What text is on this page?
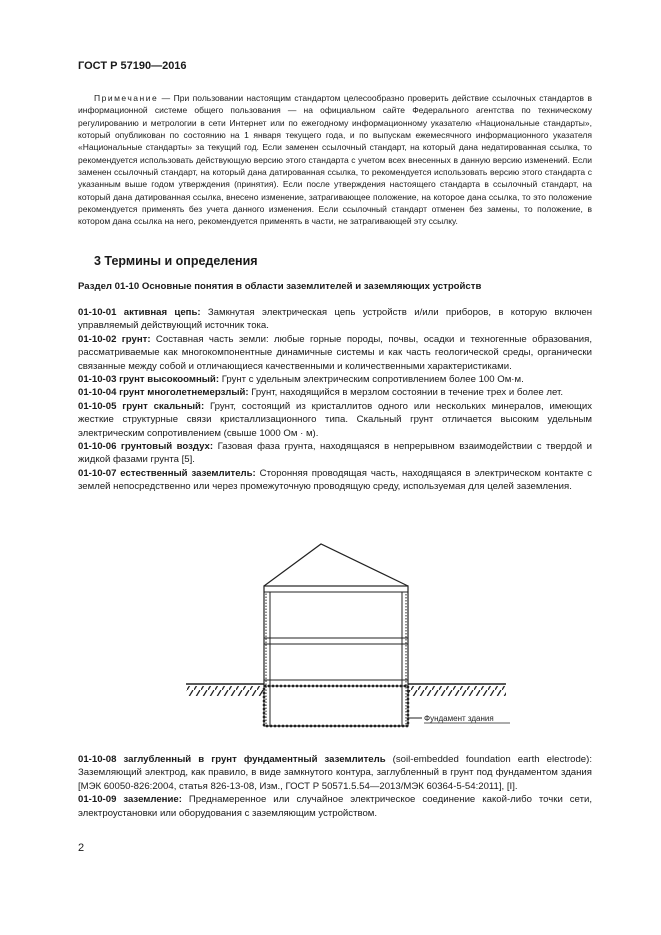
ГОСТ Р 57190—2016

Примечание — При пользовании настоящим стандартом целесообразно проверить действие ссылочных стандартов в информационной системе общего пользования — на официальном сайте Федерального агентства по техническому регулированию и метрологии в сети Интернет или по ежегодному информационному указателю «Национальные стандарты», который опубликован по состоянию на 1 января текущего года, и по выпускам ежемесячного информационного указателя «Национальные стандарты» за текущий год. Если заменен ссылочный стандарт, на который дана недатированная ссылка, то рекомендуется использовать действующую версию этого стандарта с учетом всех внесенных в данную версию изменений. Если заменен ссылочный стандарт, на который дана датированная ссылка, то рекомендуется использовать версию этого стандарта с указанным выше годом утверждения (принятия). Если после утверждения настоящего стандарта в ссылочный стандарт, на который дана датированная ссылка, внесено изменение, затрагивающее положение, на которое дана ссылка, то это положение рекомендуется применять без учета данного изменения. Если ссылочный стандарт отменен без замены, то положение, в котором дана ссылка на него, рекомендуется применять в части, не затрагивающей эту ссылку.

3 Термины и определения
Раздел 01-10 Основные понятия в области заземлителей и заземляющих устройств

01-10-01 активная цепь: Замкнутая электрическая цепь устройств и/или приборов, в которую включен управляемый действующий источник тока.

01-10-02 грунт: Составная часть земли: любые горные породы, почвы, осадки и техногенные образования, рассматриваемые как многокомпонентные динамичные системы и как часть геологической среды, органически связанные между собой и отличающиеся качественными и количественными характеристиками.

01-10-03 грунт высокоомный: Грунт с удельным электрическим сопротивлением более 100 Ом·м.

01-10-04 грунт многолетнемерзлый: Грунт, находящийся в мерзлом состоянии в течение трех и более лет.

01-10-05 грунт скальный: Грунт, состоящий из кристаллитов одного или нескольких минералов, имеющих жесткие структурные связи кристаллизационного типа. Скальный грунт отличается высоким удельным электрическим сопротивлением (свыше 1000 Ом · м).

01-10-06 грунтовый воздух: Газовая фаза грунта, находящаяся в непрерывном взаимодействии с твердой и жидкой фазами грунта [5].

01-10-07 естественный заземлитель: Сторонняя проводящая часть, находящаяся в электрическом контакте с землей непосредственно или через промежуточную проводящую среду, используемая для целей заземления.

Фундамент здания

01-10-08 заглубленный в грунт фундаментный заземлитель (soil-embedded foundation earth electrode): Заземляющий электрод, как правило, в виде замкнутого контура, заглубленный в грунт под фундаментом здания [МЭК 60050-826:2004, статья 826-13-08, Изм., ГОСТ Р 50571.5.54—2013/МЭК 60364-5-54:2011], [I].

01-10-09 заземление: Преднамеренное или случайное электрическое соединение какой-либо точки сети, электроустановки или оборудования с заземляющим устройством.

2
